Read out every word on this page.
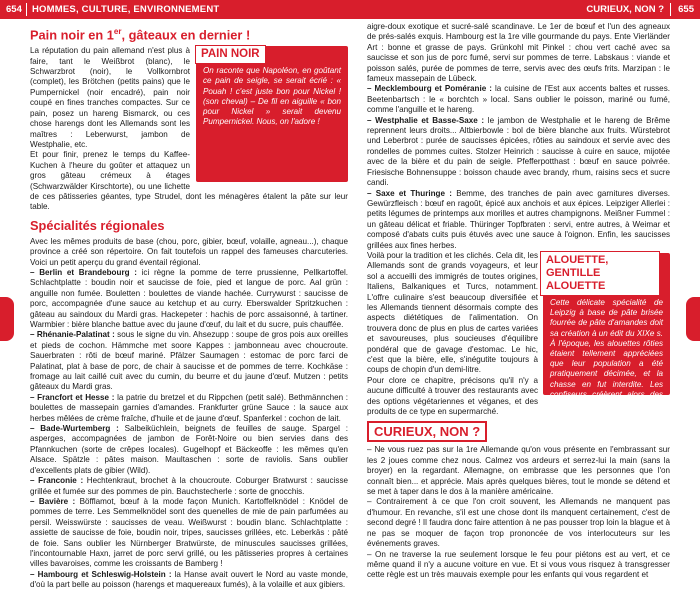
654 HOMMES, CULTURE, ENVIRONNEMENT	CURIEUX, NON ? 655
Pain noir en 1er, gâteaux en dernier !
PAIN NOIR
On raconte que Napoléon, en goûtant ce pain de seigle, se serait écrié : « Pouah ! c'est juste bon pour Nickel ! (son cheval) – De fil en aiguille « bon pour Nickel » serait devenu Pumpernickel. Nous, on l'adore !

La réputation du pain allemand n'est plus à faire, tant le Weißbrot (blanc), le Schwarzbrot (noir), le Vollkornbrot (complet), les Brötchen (petits pains) que le Pumpernickel (noir encadré), pain noir coupé en fines tranches compactes. Sur ce pain, posez un hareng Bismarck, ou ces chose harengs dont les Allemands sont les maîtres : Leberwurst, jambon de Westphalie, etc.

Et pour finir, prenez le temps du Kaffee-Kuchen à l'heure du goûter et attaquez un gros gâteau crémeux à étages (Schwarzwälder Kirschtorte), ou une lichette de ces pâtisseries géantes, type Strudel, dont les ménagères étalent la pâte sur leur table.

Spécialités régionales

Avec les mêmes produits de base (chou, porc, gibier, bœuf, volaille, agneau...), chaque province a créé son répertoire. On fait toutefois un rappel des fameuses charcuteries. Voici un petit aperçu du grand éventail régional.

– Berlin et Brandebourg : ici règne la pomme de terre prussienne, Pellkartoffel. Schlachtplatte : boudin noir et saucisse de foie, pied et langue de porc. Aal grün : anguille non fumée. Bouletten : boulettes de viande hachée. Currywurst : saucisse de porc, accompagnée d'une sauce au ketchup et au curry. Eberswalder Spritzkuchen : gâteau au saindoux du Mardi gras. Hackepeter : hachis de porc assaisonné, à tartiner. Warmbier : bière blanche battue avec du jaune d'œuf, du lait et du sucre, puis chauffée.

– Rhénanie-Palatinat : sous le signe du vin. Ahsezupp : soupe de gros pois aux oreilles et pieds de cochon. Hämmche met soore Kappes : jambonneau avec choucroute. Sauerbraten : rôti de bœuf mariné. Pfälzer Saumagen : estomac de porc farci de Palatinat, plat à base de porc, de chair à saucisse et de pommes de terre. Kochkäse : fromage au lait caillé cuit avec du cumin, du beurre et du jaune d'œuf. Mutzen : petits gâteaux du Mardi gras.

– Francfort et Hesse : la patrie du bretzel et du Rippchen (petit salé). Bethmännchen : boulettes de massepain garnies d'amandes. Frankfurter grüne Sauce : la sauce aux herbes mêlées de crème fraîche, d'huile et de jaune d'œuf. Spanferkel : cochon de lait.

– Bade-Wurtemberg : Salbeiküchlein, beignets de feuilles de sauge. Spargel : asperges, accompagnées de jambon de Forêt-Noire ou bien servies dans des Pfannkuchen (sorte de crêpes locales). Gugelhopf et Bäckeoffe : les mêmes qu'en Alsace. Spätzle : pâtes maison. Maultaschen : sorte de raviolis. Sans oublier d'excellents plats de gibier (Wild).

– Franconie : Hechtenkraut, brochet à la choucroute. Coburger Bratwurst : saucisse grillée et fumée sur des pommes de pin. Bauchstecherle : sorte de gnocchis.

– Bavière : Böfflamot, bœuf à la mode façon Munich. Kartoffelknödel : Knödel de pommes de terre. Les Semmelknödel sont des quenelles de mie de pain parfumées au persil. Weisswürste : saucisses de veau. Weißwurst : boudin blanc. Schlachtplatte : assiette de saucisse de foie, boudin noir, tripes, saucisses grillées, etc. Leberkäs : pâté de foie. Sans oublier les Nürnberger Bratwürste, de minuscules saucisses grillées, l'incontournable Haxn, jarret de porc servi grillé, ou les pâtisseries propres à certaines villes bavaroises, comme les croissants de Bamberg !

– Hambourg et Schleswig-Holstein : la Hanse avait ouvert le Nord au vaste monde, d'où la part belle au poisson (harengs et maquereaux fumés), à la volaille et aux gibiers.

aigre-doux exotique et sucré-salé scandinave. Le 1er de bœuf et l'un des agneaux de prés-salés exquis. Hambourg est la 1re ville gourmande du pays. Ente Vierländer Art : bonne et grasse de pays. Grünkohl mit Pinkel : chou vert caché avec sa saucisse et son jus de porc fumé, servi sur pommes de terre. Labskaus : viande et poisson salés, purée de pommes de terre, servis avec des œufs frits. Marzipan : le fameux massepain de Lübeck.

– Mecklembourg et Poméranie : la cuisine de l'Est aux accents baltes et russes. Beetenbartsch : le « borchtch » local. Sans oublier le poisson, mariné ou fumé, comme l'anguille et le hareng.

– Westphalie et Basse-Saxe : le jambon de Westphalie et le hareng de Brême reprennent leurs droits... Altbierbowle : bol de bière blanche aux fruits. Würstebrot und Leberbrot : purée de saucisses épicées, rôties au saindoux et servie avec des rondelles de pommes cuites. Stolzer Heinrich : saucisse à cuire en sauce, mijotée avec de la bière et du pain de seigle. Pfefferpotthast : bœuf en sauce poivrée. Friesische Bohnensuppe : boisson chaude avec brandy, rhum, raisins secs et sucre candi.

– Saxe et Thuringe : Bemme, des tranches de pain avec garnitures diverses. Gewürzfleisch : bœuf en ragoût, épicé aux anchois et aux épices. Leipziger Allerlei : petits légumes de printemps aux morilles et autres champignons. Meißner Fummel : un gâteau délicat et friable. Thüringer Topfbraten : servi, entre autres, à Weimar et composé d'abats cuits puis étuvés avec une sauce à l'oignon. Enfin, les saucisses grillées aux fines herbes.

ALOUETTE, GENTILLE ALOUETTE
Cette délicate spécialité de Leipzig à base de pâte brisée fourrée de pâte d'amandes doit sa création à un édit du XIXe s. À l'époque, les alouettes rôties étaient tellement appréciées que leur population a été pratiquement décimée, et la chasse en fut interdite. Les confiseurs créèrent alors des alouettes (Lerchen) en version pâtissière, histoire d'adoucir cette pénurie.

Voilà pour la tradition et les clichés. Cela dit, les Allemands sont de grands voyageurs, et leur sol a accueilli des immigrés de toutes origines, Italiens, Balkaniques et Turcs, notamment. L'offre culinaire s'est beaucoup diversifiée et les Allemands tiennent désormais compte des aspects diététiques de l'alimentation. On trouvera donc de plus en plus de cartes variées et savoureuses, plus soucieuses d'équilibre pondéral que de gavage d'estomac. Le hic, c'est que la bière, elle, s'inégutite toujours à coups de chopin d'un demi-litre.

Pour clore ce chapitre, précisons qu'il n'y a aucune difficulté à trouver des restaurants avec des options végétariennes et véganes, et des produits de ce type en supermarché.

CURIEUX, NON ?

– Ne vous ruez pas sur la 1re Allemande qu'on vous présente en l'embrassant sur les 2 joues comme chez nous. Calmez vos ardeurs et serrez-lui la main (sans la broyer) en la regardant. Allemagne, on embrasse que les personnes que l'on connaît bien... et apprécie. Mais après quelques bières, tout le monde se détend et se met à taper dans le dos à la manière américaine.

– Contrairement à ce que l'on croit souvent, les Allemands ne manquent pas d'humour. En revanche, s'il est une chose dont ils manquent certainement, c'est de second degré ! Il faudra donc faire attention à ne pas pousser trop loin la blague et à ne pas se moquer de façon trop prononcée de vos interlocuteurs sur les événements graves.

– On ne traverse la rue seulement lorsque le feu pour piétons est au vert, et ce même quand il n'y a aucune voiture en vue. Et si vous vous risquez à transgresser cette règle est un très mauvais exemple pour les enfants qui vous regardent et
